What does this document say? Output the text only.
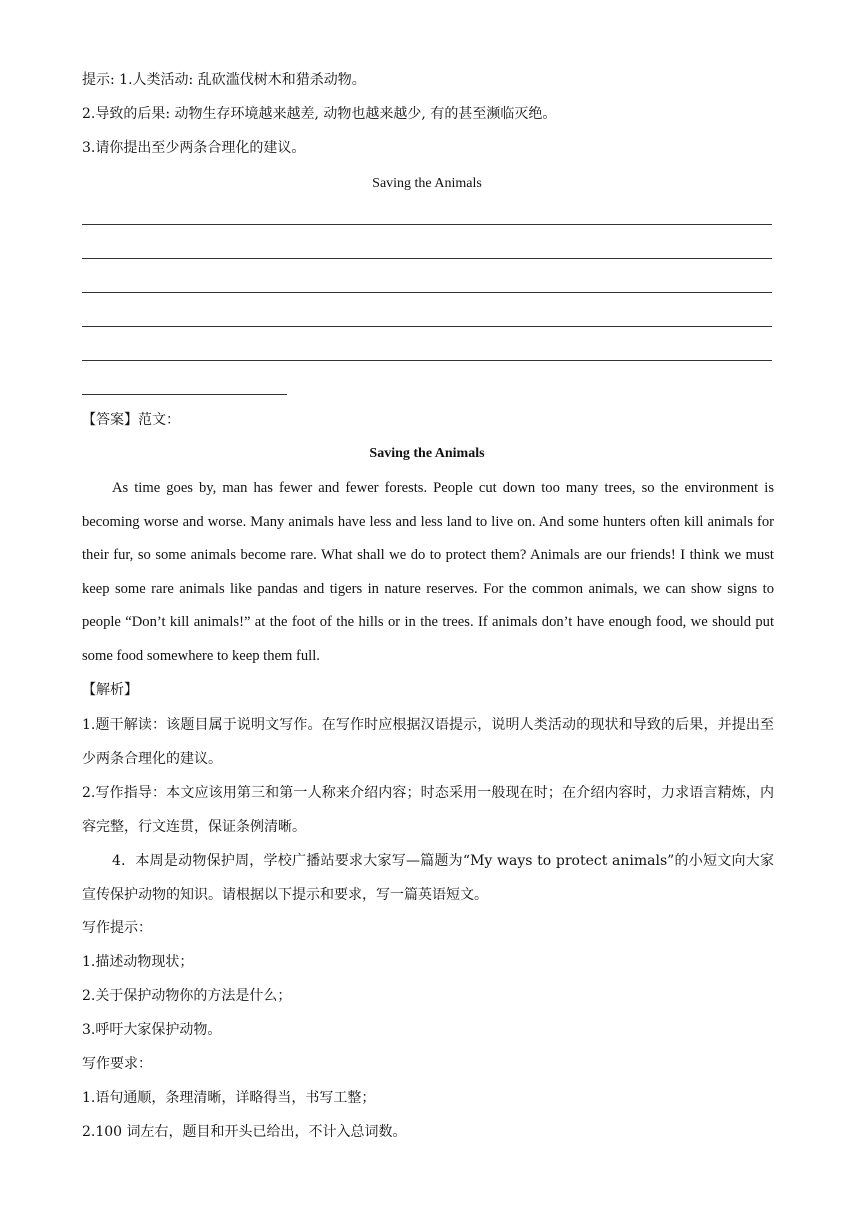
提示: 1.人类活动: 乱砍滥伐树木和猎杀动物。
2.导致的后果: 动物生存环境越来越差, 动物也越来越少, 有的甚至濒临灭绝。
3.请你提出至少两条合理化的建议。
Saving the Animals
【答案】范文：
Saving the Animals
As time goes by, man has fewer and fewer forests. People cut down too many trees, so the environment is becoming worse and worse. Many animals have less and less land to live on. And some hunters often kill animals for their fur, so some animals become rare. What shall we do to protect them? Animals are our friends! I think we must keep some rare animals like pandas and tigers in nature reserves. For the common animals, we can show signs to people “Don’t kill animals!” at the foot of the hills or in the trees. If animals don’t have enough food, we should put some food somewhere to keep them full.
【解析】
1.题干解读：该题目属于说明文写作。在写作时应根据汉语提示，说明人类活动的现状和导致的后果，并提出至少两条合理化的建议。
2.写作指导：本文应该用第三和第一人称来介绍内容；时态采用一般现在时；在介绍内容时，力求语言精炼，内容完整，行文连贯，保证条例清晰。
4．本周是动物保护周，学校广播站要求大家写—篇题为“My ways to protect animals”的小短文向大家宣传保护动物的知识。请根据以下提示和要求，写一篇英语短文。
写作提示：
1.描述动物现状；
2.关于保护动物你的方法是什么；
3.呼吁大家保护动物。
写作要求：
1.语句通顺，条理清晰，详略得当，书写工整；
2.100 词左右，题目和开头已给出，不计入总词数。
